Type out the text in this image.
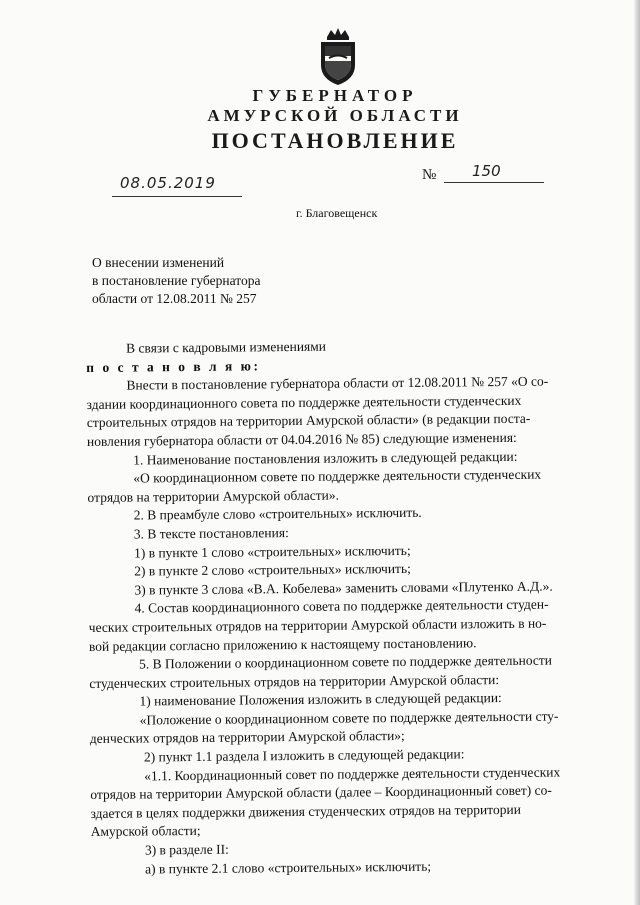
ГУБЕРНАТОР
АМУРСКОЙ ОБЛАСТИ
ПОСТАНОВЛЕНИЕ
08.05.2019	№ 150
г. Благовещенск
О внесении изменений
в постановление губернатора
области от 12.08.2011 № 257
В связи с кадровыми изменениями
п о с т а н о в л я ю:
Внести в постановление губернатора области от 12.08.2011 № 257 «О со-
здании координационного совета по поддержке деятельности студенческих
строительных отрядов на территории Амурской области» (в редакции поста-
новления губернатора области от 04.04.2016 № 85) следующие изменения:
1. Наименование постановления изложить в следующей редакции:
«О координационном совете по поддержке деятельности студенческих
отрядов на территории Амурской области».
2. В преамбуле слово «строительных» исключить.
3. В тексте постановления:
1) в пункте 1 слово «строительных» исключить;
2) в пункте 2 слово «строительных» исключить;
3) в пункте 3 слова «В.А. Кобелева» заменить словами «Плутенко А.Д.».
4. Состав координационного совета по поддержке деятельности студен-
ческих строительных отрядов на территории Амурской области изложить в но-
вой редакции согласно приложению к настоящему постановлению.
5. В Положении о координационном совете по поддержке деятельности
студенческих строительных отрядов на территории Амурской области:
1) наименование Положения изложить в следующей редакции:
«Положение о координационном совете по поддержке деятельности сту-
денческих отрядов на территории Амурской области»;
2) пункт 1.1 раздела I изложить в следующей редакции:
«1.1. Координационный совет по поддержке деятельности студенческих
отрядов на территории Амурской области (далее – Координационный совет) со-
здается в целях поддержки движения студенческих отрядов на территории
Амурской области;
3) в разделе II:
а) в пункте 2.1 слово «строительных» исключить;
